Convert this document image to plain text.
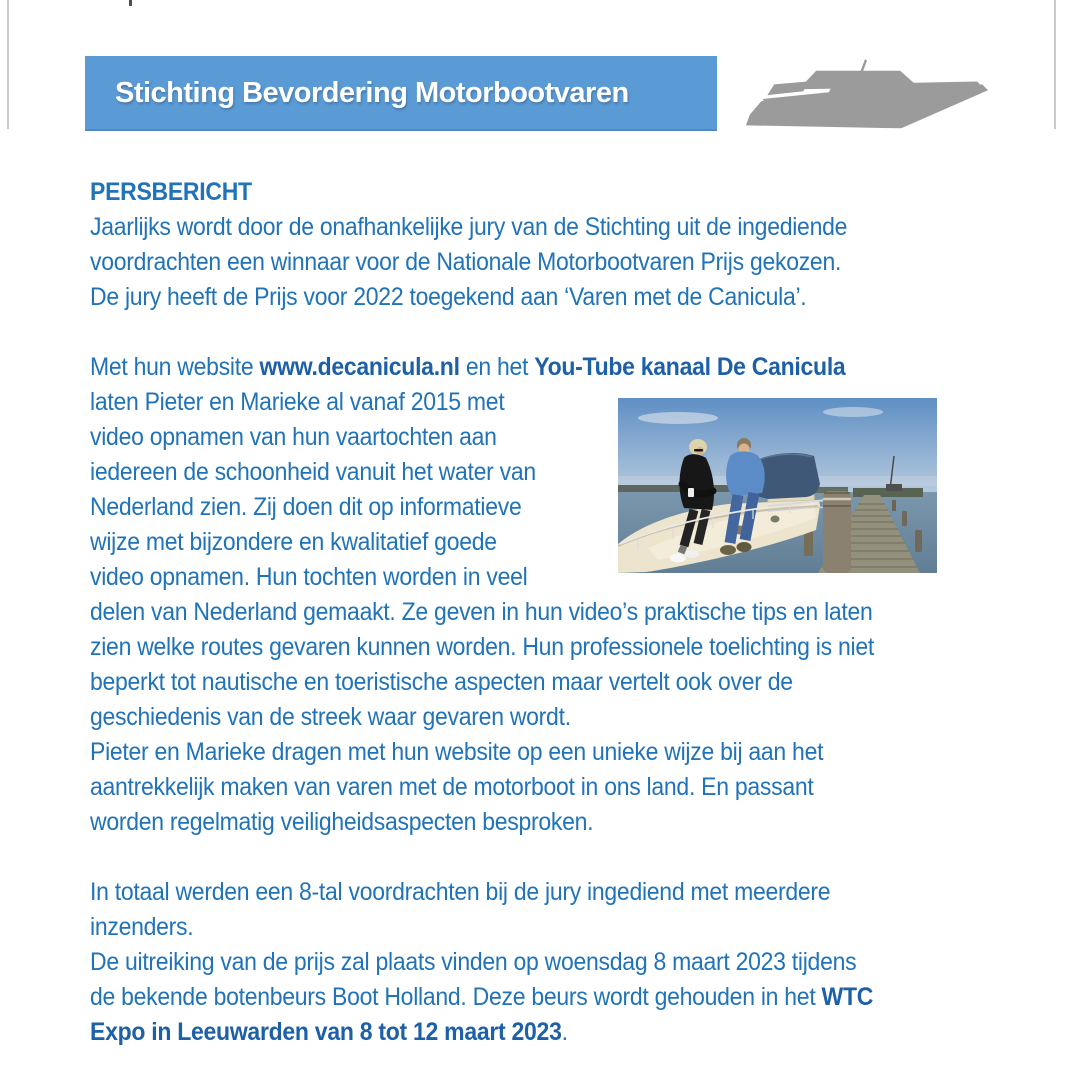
Stichting Bevordering Motorbootvaren
PERSBERICHT
Jaarlijks wordt door de onafhankelijke jury van de Stichting uit de ingediende
voordrachten een winnaar voor de Nationale Motorbootvaren Prijs gekozen.
De jury heeft de Prijs voor 2022 toegekend aan ‘Varen met de Canicula’.
Met hun website www.decanicula.nl en het You-Tube kanaal De Canicula
laten Pieter en Marieke al vanaf 2015 met
video opnamen van hun vaartochten aan
iedereen de schoonheid vanuit het water van
Nederland zien. Zij doen dit op informatieve
wijze met bijzondere en kwalitatief goede
video opnamen. Hun tochten worden in veel
delen van Nederland gemaakt. Ze geven in hun video’s praktische tips en laten
zien welke routes gevaren kunnen worden. Hun professionele toelichting is niet
beperkt tot nautische en toeristische aspecten maar vertelt ook over de
geschiedenis van de streek waar gevaren wordt.
Pieter en Marieke dragen met hun website op een unieke wijze bij aan het
aantrekkelijk maken van varen met de motorboot in ons land. En passant
worden regelmatig veiligheidsaspecten besproken.
In totaal werden een 8-tal voordrachten bij de jury ingediend met meerdere
inzenders.
De uitreiking van de prijs zal plaats vinden op woensdag 8 maart 2023 tijdens
de bekende botenbeurs Boot Holland. Deze beurs wordt gehouden in het WTC
Expo in Leeuwarden van 8 tot 12 maart 2023.
